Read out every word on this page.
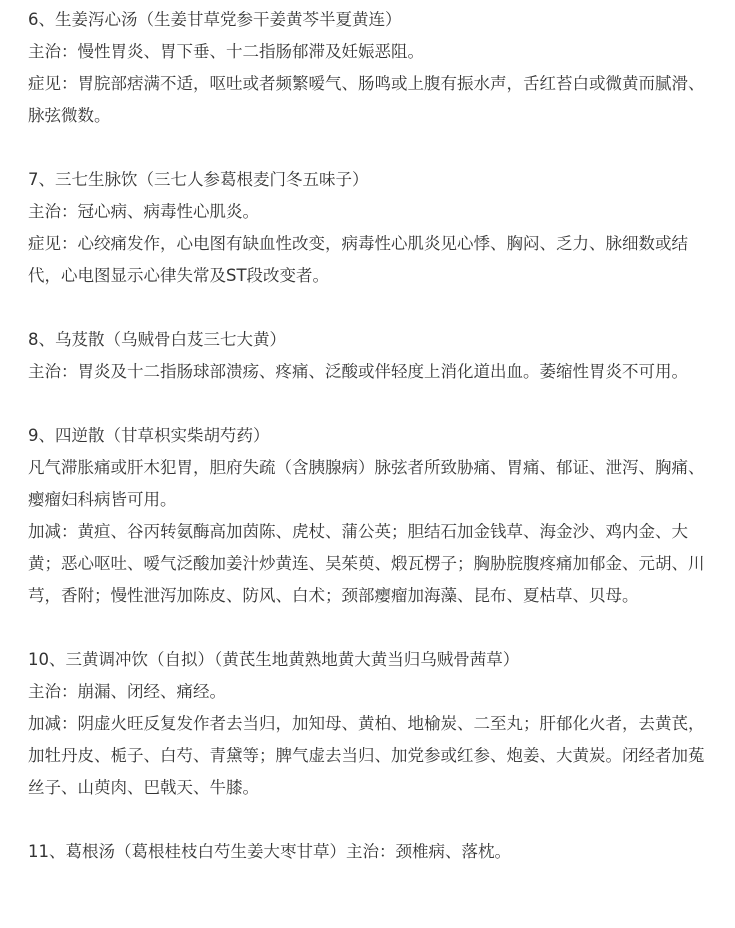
6、生姜泻心汤（生姜甘草党参干姜黄芩半夏黄连）

主治：慢性胃炎、胃下垂、十二指肠郁滞及妊娠恶阻。

症见：胃脘部痞满不适，呕吐或者频繁嗳气、肠鸣或上腹有振水声，舌红苔白或微黄而腻滑、脉弦微数。

7、三七生脉饮（三七人参葛根麦门冬五味子）

主治：冠心病、病毒性心肌炎。

症见：心绞痛发作，心电图有缺血性改变，病毒性心肌炎见心悸、胸闷、乏力、脉细数或结代，心电图显示心律失常及ST段改变者。

8、乌芨散（乌贼骨白芨三七大黄）

主治：胃炎及十二指肠球部溃疡、疼痛、泛酸或伴轻度上消化道出血。萎缩性胃炎不可用。

9、四逆散（甘草枳实柴胡芍药）

凡气滞胀痛或肝木犯胃，胆府失疏（含胰腺病）脉弦者所致胁痛、胃痛、郁证、泄泻、胸痛、瘿瘤妇科病皆可用。

加减：黄疸、谷丙转氨酶高加茵陈、虎杖、蒲公英；胆结石加金钱草、海金沙、鸡内金、大黄；恶心呕吐、嗳气泛酸加姜汁炒黄连、吴茱萸、煅瓦楞子；胸胁脘腹疼痛加郁金、元胡、川芎，香附；慢性泄泻加陈皮、防风、白术；颈部瘿瘤加海藻、昆布、夏枯草、贝母。

10、三黄调冲饮（自拟）（黄芪生地黄熟地黄大黄当归乌贼骨茜草）

主治：崩漏、闭经、痛经。

加减：阴虚火旺反复发作者去当归，加知母、黄柏、地榆炭、二至丸；肝郁化火者，去黄芪，加牡丹皮、栀子、白芍、青黛等；脾气虚去当归、加党参或红参、炮姜、大黄炭。闭经者加菟丝子、山萸肉、巴戟天、牛膝。

11、葛根汤（葛根桂枝白芍生姜大枣甘草）主治：颈椎病、落枕。
